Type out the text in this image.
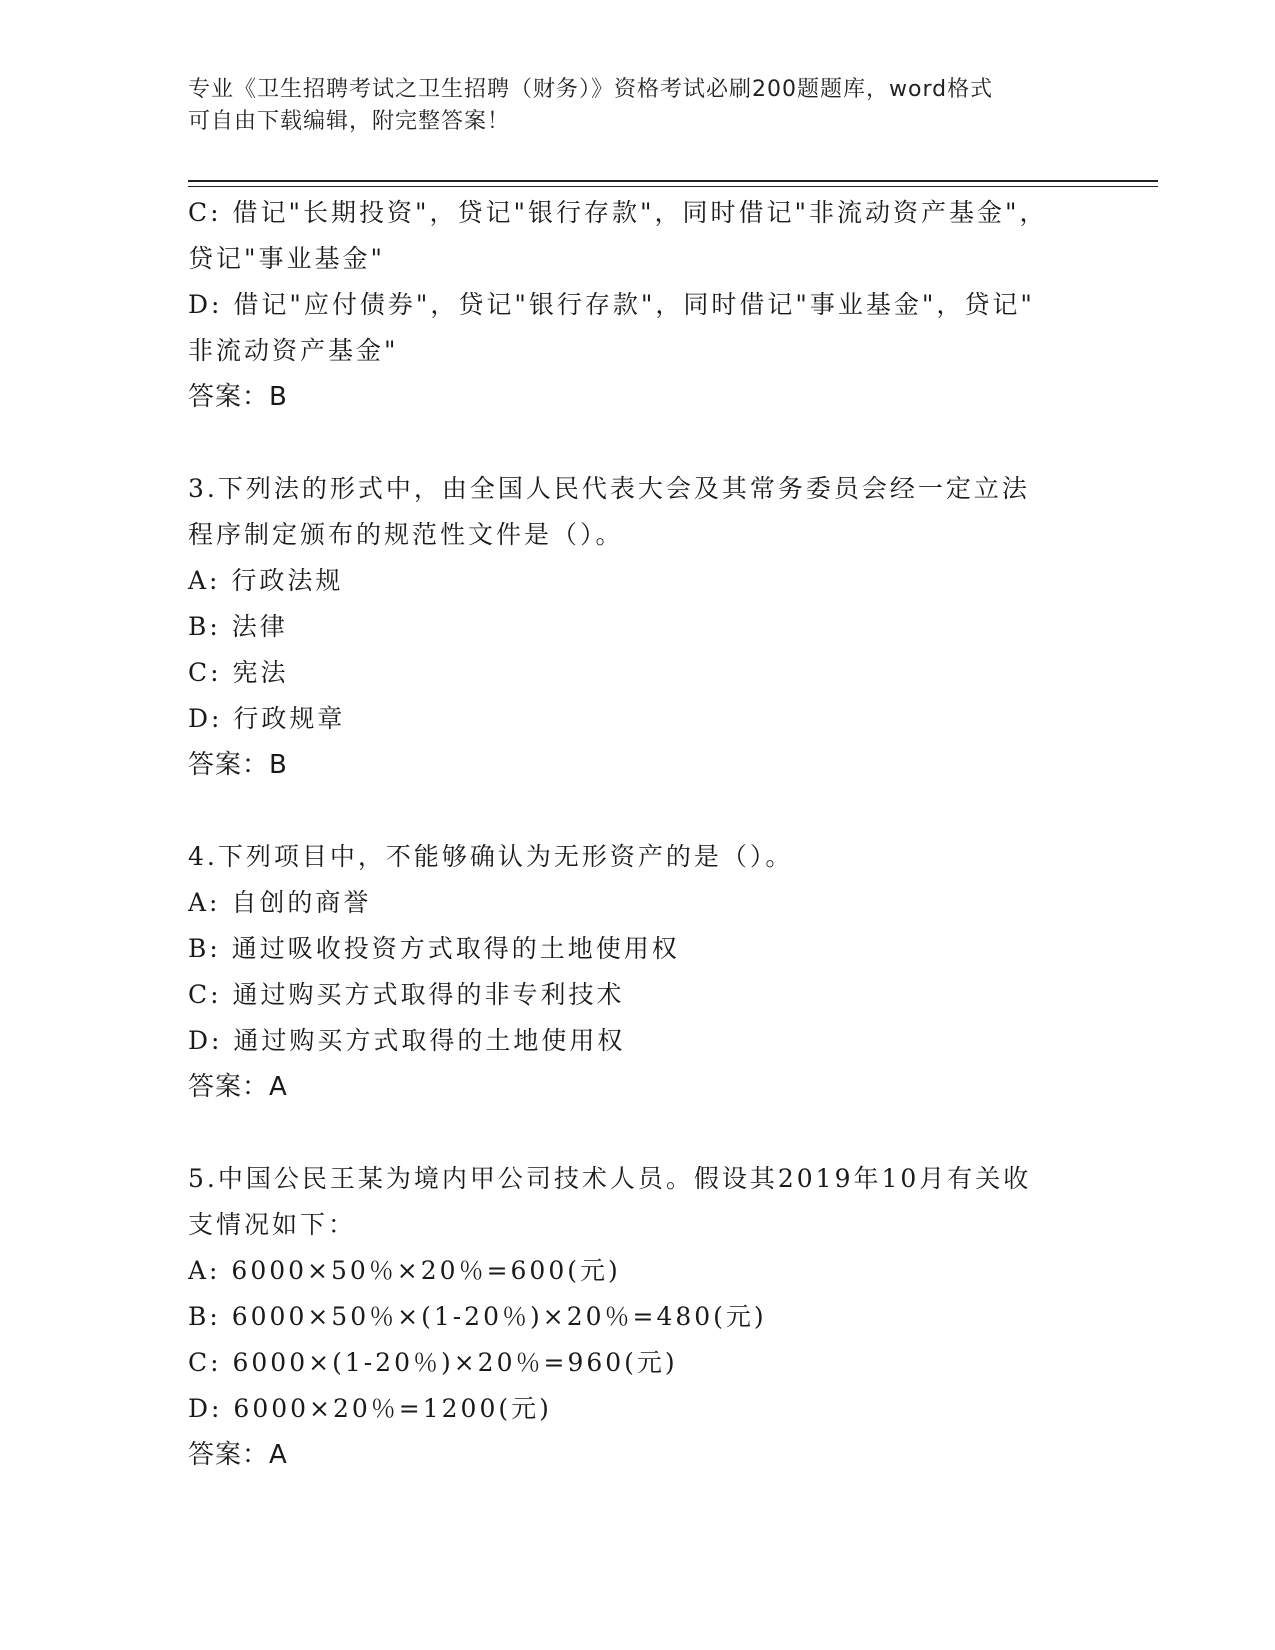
专业《卫生招聘考试之卫生招聘（财务）》资格考试必刷200题题库，word格式
可自由下载编辑，附完整答案！
C: 借记"长期投资"，贷记"银行存款"，同时借记"非流动资产基金"，
贷记"事业基金"
D: 借记"应付债券"，贷记"银行存款"，同时借记"事业基金"，贷记"
非流动资产基金"
答案：B
3.下列法的形式中，由全国人民代表大会及其常务委员会经一定立法
程序制定颁布的规范性文件是（）。
A: 行政法规
B: 法律
C: 宪法
D: 行政规章
答案：B
4.下列项目中，不能够确认为无形资产的是（）。
A: 自创的商誉
B: 通过吸收投资方式取得的土地使用权
C: 通过购买方式取得的非专利技术
D: 通过购买方式取得的土地使用权
答案：A
5.中国公民王某为境内甲公司技术人员。假设其2019年10月有关收
支情况如下：
A: 6000×50％×20％=600(元)
B: 6000×50％×(1-20％)×20％=480(元)
C: 6000×(1-20％)×20％=960(元)
D: 6000×20％=1200(元)
答案：A
